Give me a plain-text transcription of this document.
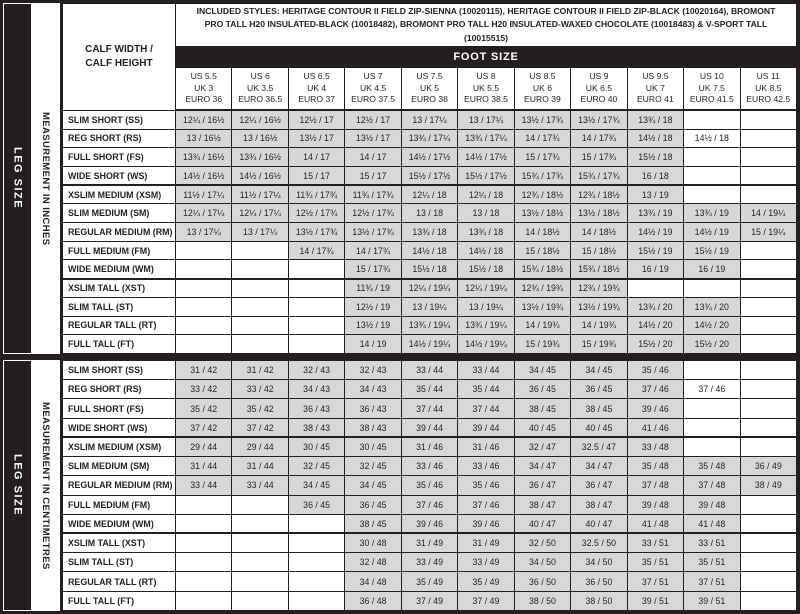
LEG SIZE MEASUREMENT IN INCHES
CALF WIDTH / CALF HEIGHT	INCLUDED STYLES: HERITAGE CONTOUR II FIELD ZIP-SIENNA (10020115), HERITAGE CONTOUR II FIELD ZIP-BLACK (10020164), BROMONT PRO TALL H20 INSULATED-BLACK (10018482), BROMONT PRO TALL H20 INSULATED-WAXED CHOCOLATE (10018483) & V-SPORT TALL (10015515)										
	FOOT SIZE										

US 5.5
UK 3
EURO 36

US 6
UK 3.5
EURO 36.5

US 6.5
UK 4
EURO 37

US 7
UK 4.5
EURO 37.5

US 7.5
UK 5
EURO 38

US 8
UK 5.5
EURO 38.5

US 8.5
UK 6
EURO 39

US 9
UK 6.5
EURO 40

US 9.5
UK 7
EURO 41

US 10
UK 7.5
EURO 41.5

US 11
UK 8.5
EURO 42.5

SLIM SHORT (SS)	12¼ / 16½	12¼ / 16½	12½ / 17	12½ / 17	13 / 17¼	13 / 17¼	13½ / 17¾	13½ / 17¾	13¾ / 18		
REG SHORT (RS)	13 / 16½	13 / 16½	13½ / 17	13½ / 17	13¾ / 17¼	13¾ / 17¼	14 / 17¾	14 / 17¾	14½ / 18	14½ / 18	
FULL SHORT (FS)	13¾ / 16½	13¾ / 16½	14 / 17	14 / 17	14½ / 17½	14½ / 17½	15 / 17¾	15 / 17¾	15½ / 18		
WIDE SHORT (WS)	14½ / 16½	14½ / 16½	15 / 17	15 / 17	15½ / 17½	15½ / 17½	15¾ / 17¾	15¾ / 17¾	16 / 18		
XSLIM MEDIUM (XSM)	11½ / 17¼	11½ / 17¼	11¾ / 17¾	11¾ / 17¾	12¼ / 18	12¼ / 18	12¾ / 18½	12¾ / 18½	13 / 19		
SLIM MEDIUM (SM)	12¼ / 17¼	12¼ / 17¼	12½ / 17¾	12½ / 17¾	13 / 18	13 / 18	13½ / 18½	13½ / 18½	13¾ / 19	13¾ / 19	14 / 19¼
REGULAR MEDIUM (RM)	13 / 17¼	13 / 17¼	13½ / 17¾	13½ / 17¾	13¾ / 18	13¾ / 18	14 / 18½	14 / 18½	14½ / 19	14½ / 19	15 / 19¼
FULL MEDIUM (FM)			14 / 17¾	14 / 17¾	14½ / 18	14½ / 18	15 / 18½	15 / 18½	15½ / 19	15½ / 19	
WIDE MEDIUM (WM)				15 / 17¾	15½ / 18	15½ / 18	15¾ / 18½	15¾ / 18½	16 / 19	16 / 19	
XSLIM TALL (XST)				11¾ / 19	12¼ / 19¼	12¼ / 19¼	12¾ / 19¾	12¾ / 19¾			
SLIM TALL (ST)				12½ / 19	13 / 19¼	13 / 19¼	13½ / 19¾	13½ / 19¾	13¾ / 20	13¾ / 20	
REGULAR TALL (RT)				13½ / 19	13¾ / 19¼	13¾ / 19¼	14 / 19¾	14 / 19¾	14½ / 20	14½ / 20	
FULL TALL (FT)				14 / 19	14½ / 19¼	14½ / 19¼	15 / 19¾	15 / 19¾	15½ / 20	15½ / 20	
LEG SIZE MEASUREMENT IN CENTIMETRES
SLIM SHORT (SS)	31 / 42	31 / 42	32 / 43	32 / 43	33 / 44	33 / 44	34 / 45	34 / 45	35 / 46		
REG SHORT (RS)	33 / 42	33 / 42	34 / 43	34 / 43	35 / 44	35 / 44	36 / 45	36 / 45	37 / 46	37 / 46	
FULL SHORT (FS)	35 / 42	35 / 42	36 / 43	36 / 43	37 / 44	37 / 44	38 / 45	38 / 45	39 / 46		
WIDE SHORT (WS)	37 / 42	37 / 42	38 / 43	38 / 43	39 / 44	39 / 44	40 / 45	40 / 45	41 / 46		
XSLIM MEDIUM (XSM)	29 / 44	29 / 44	30 / 45	30 / 45	31 / 46	31 / 46	32 / 47	32.5 / 47	33 / 48		
SLIM MEDIUM (SM)	31 / 44	31 / 44	32 / 45	32 / 45	33 / 46	33 / 46	34 / 47	34 / 47	35 / 48	35 / 48	36 / 49
REGULAR MEDIUM (RM)	33 / 44	33 / 44	34 / 45	34 / 45	35 / 46	35 / 46	36 / 47	36 / 47	37 / 48	37 / 48	38 / 49
FULL MEDIUM (FM)			36 / 45	36 / 45	37 / 46	37 / 46	38 / 47	38 / 47	39 / 48	39 / 48	
WIDE MEDIUM (WM)				38 / 45	39 / 46	39 / 46	40 / 47	40 / 47	41 / 48	41 / 48	
XSLIM TALL (XST)				30 / 48	31 / 49	31 / 49	32 / 50	32.5 / 50	33 / 51	33 / 51	
SLIM TALL (ST)				32 / 48	33 / 49	33 / 49	34 / 50	34 / 50	35 / 51	35 / 51	
REGULAR TALL (RT)				34 / 48	35 / 49	35 / 49	36 / 50	36 / 50	37 / 51	37 / 51	
FULL TALL (FT)				36 / 48	37 / 49	37 / 49	38 / 50	38 / 50	39 / 51	39 / 51	
